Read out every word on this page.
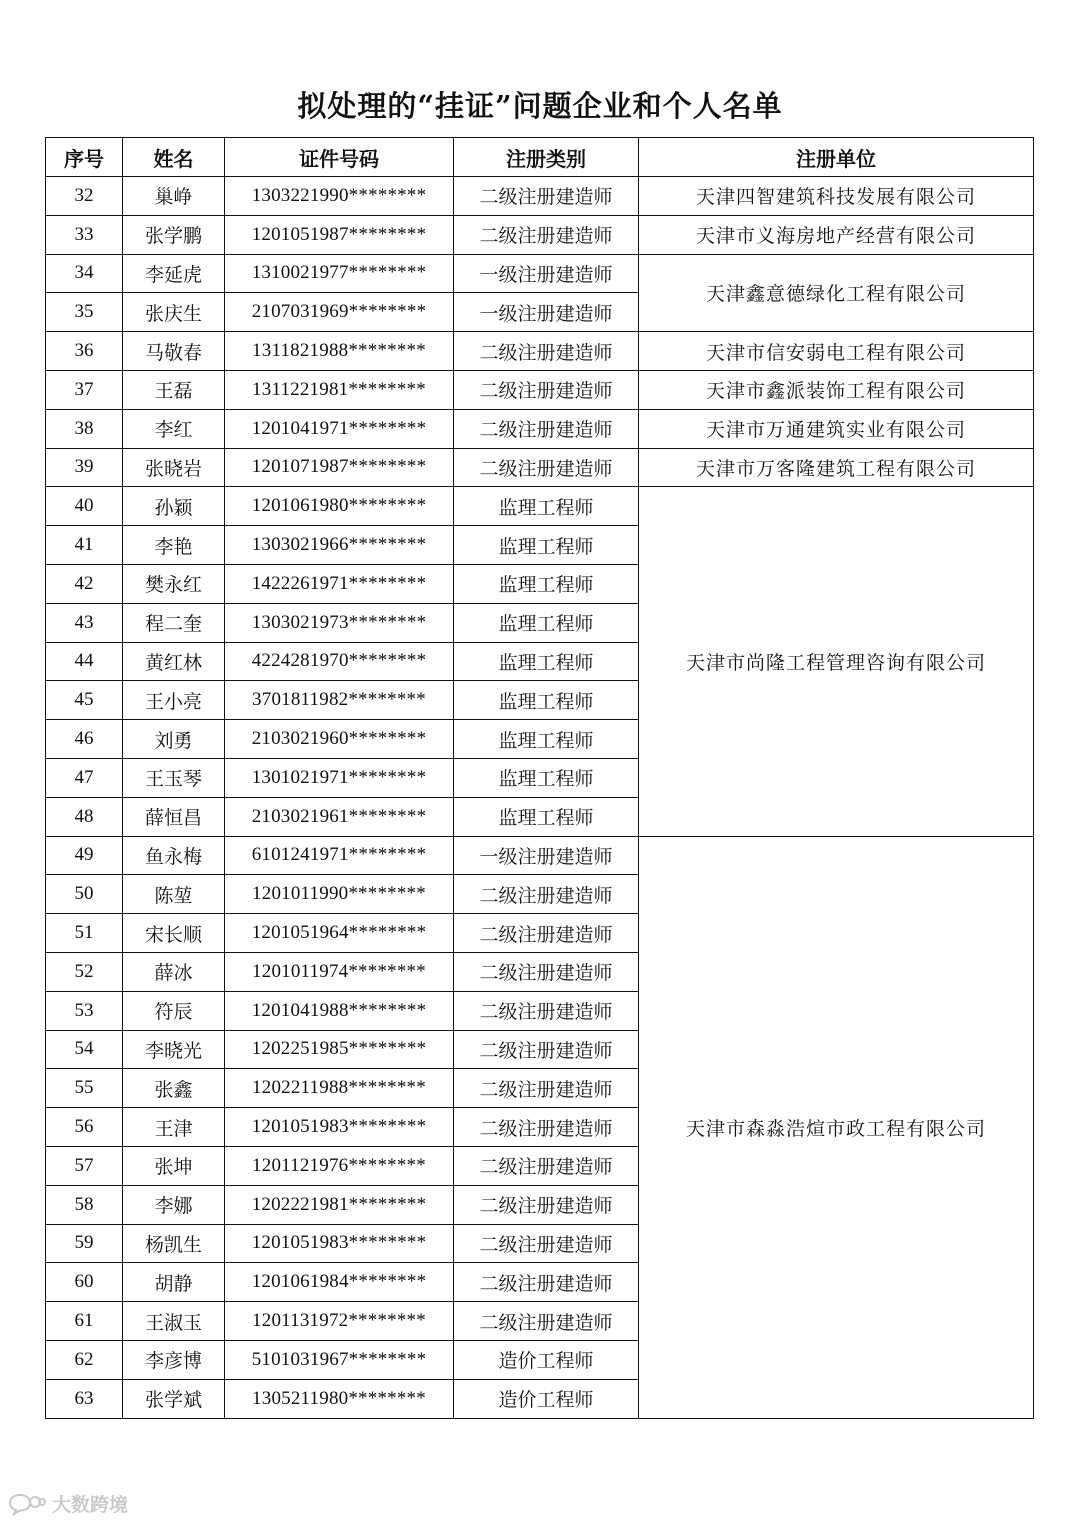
拟处理的“挂证”问题企业和个人名单
序号	姓名	证件号码	注册类别	注册单位
32	巢峥	1303221990********	二级注册建造师	天津四智建筑科技发展有限公司
33	张学鹏	1201051987********	二级注册建造师	天津市义海房地产经营有限公司
34	李延虎	1310021977********	一级注册建造师	天津鑫意德绿化工程有限公司
35	张庆生	2107031969********	一级注册建造师	
36	马敬春	1311821988********	二级注册建造师	天津市信安弱电工程有限公司
37	王磊	1311221981********	二级注册建造师	天津市鑫派装饰工程有限公司
38	李红	1201041971********	二级注册建造师	天津市万通建筑实业有限公司
39	张晓岩	1201071987********	二级注册建造师	天津市万客隆建筑工程有限公司
40	孙颖	1201061980********	监理工程师	天津市尚隆工程管理咨询有限公司
41	李艳	1303021966********	监理工程师	
42	樊永红	1422261971********	监理工程师	
43	程二奎	1303021973********	监理工程师	
44	黄红林	4224281970********	监理工程师	
45	王小亮	3701811982********	监理工程师	
46	刘勇	2103021960********	监理工程师	
47	王玉琴	1301021971********	监理工程师	
48	薛恒昌	2103021961********	监理工程师	
49	鱼永梅	6101241971********	一级注册建造师	天津市森淼浩煊市政工程有限公司
50	陈堃	1201011990********	二级注册建造师	
51	宋长顺	1201051964********	二级注册建造师	
52	薛冰	1201011974********	二级注册建造师	
53	符辰	1201041988********	二级注册建造师	
54	李晓光	1202251985********	二级注册建造师	
55	张鑫	1202211988********	二级注册建造师	
56	王津	1201051983********	二级注册建造师	
57	张坤	1201121976********	二级注册建造师	
58	李娜	1202221981********	二级注册建造师	
59	杨凯生	1201051983********	二级注册建造师	
60	胡静	1201061984********	二级注册建造师	
61	王淑玉	1201131972********	二级注册建造师	
62	李彦博	5101031967********	造价工程师	
63	张学斌	1305211980********	造价工程师	
大数跨境
